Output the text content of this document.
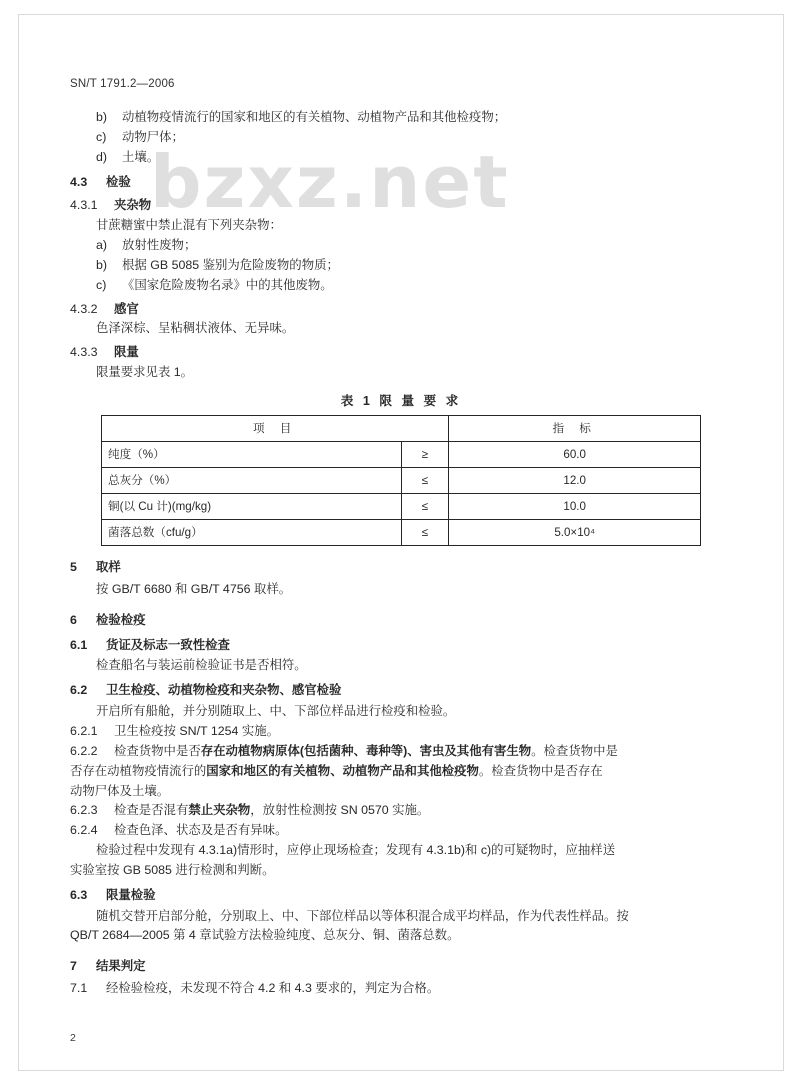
SN/T 1791.2—2006
bzxz.net
b) 动植物疫情流行的国家和地区的有关植物、动植物产品和其他检疫物；
c) 动物尸体；
d) 土壤。
4.3 检验
4.3.1 夹杂物
甘蔗糖蜜中禁止混有下列夹杂物：
a) 放射性废物；
b) 根据 GB 5085 鉴别为危险废物的物质；
c) 《国家危险废物名录》中的其他废物。
4.3.2 感官
色泽深棕、呈粘稠状液体、无异味。
4.3.3 限量
限量要求见表 1。
表 1 限 量 要 求
项 目		指 标
纯度（%）	≥	60.0
总灰分（%）	≤	12.0
铜(以 Cu 计)(mg/kg)	≤	10.0
菌落总数（cfu/g）	≤	5.0×10⁴
5 取样
按 GB/T 6680 和 GB/T 4756 取样。
6 检验检疫
6.1 货证及标志一致性检查
检查船名与装运前检验证书是否相符。
6.2 卫生检疫、动植物检疫和夹杂物、感官检验
开启所有船舱，并分别随取上、中、下部位样品进行检疫和检验。
6.2.1 卫生检疫按 SN/T 1254 实施。
6.2.2 检查货物中是否存在动植物病原体(包括菌种、毒种等)、害虫及其他有害生物。检查货物中是
否存在动植物疫情流行的国家和地区的有关植物、动植物产品和其他检疫物。检查货物中是否存在
动物尸体及土壤。
6.2.3 检查是否混有禁止夹杂物，放射性检测按 SN 0570 实施。
6.2.4 检查色泽、状态及是否有异味。
检验过程中发现有 4.3.1a)情形时，应停止现场检查；发现有 4.3.1b)和 c)的可疑物时，应抽样送
实验室按 GB 5085 进行检测和判断。
6.3 限量检验
随机交替开启部分舱，分别取上、中、下部位样品以等体积混合成平均样品，作为代表性样品。按
QB/T 2684—2005 第 4 章试验方法检验纯度、总灰分、铜、菌落总数。
7 结果判定
7.1 经检验检疫，未发现不符合 4.2 和 4.3 要求的，判定为合格。
2
